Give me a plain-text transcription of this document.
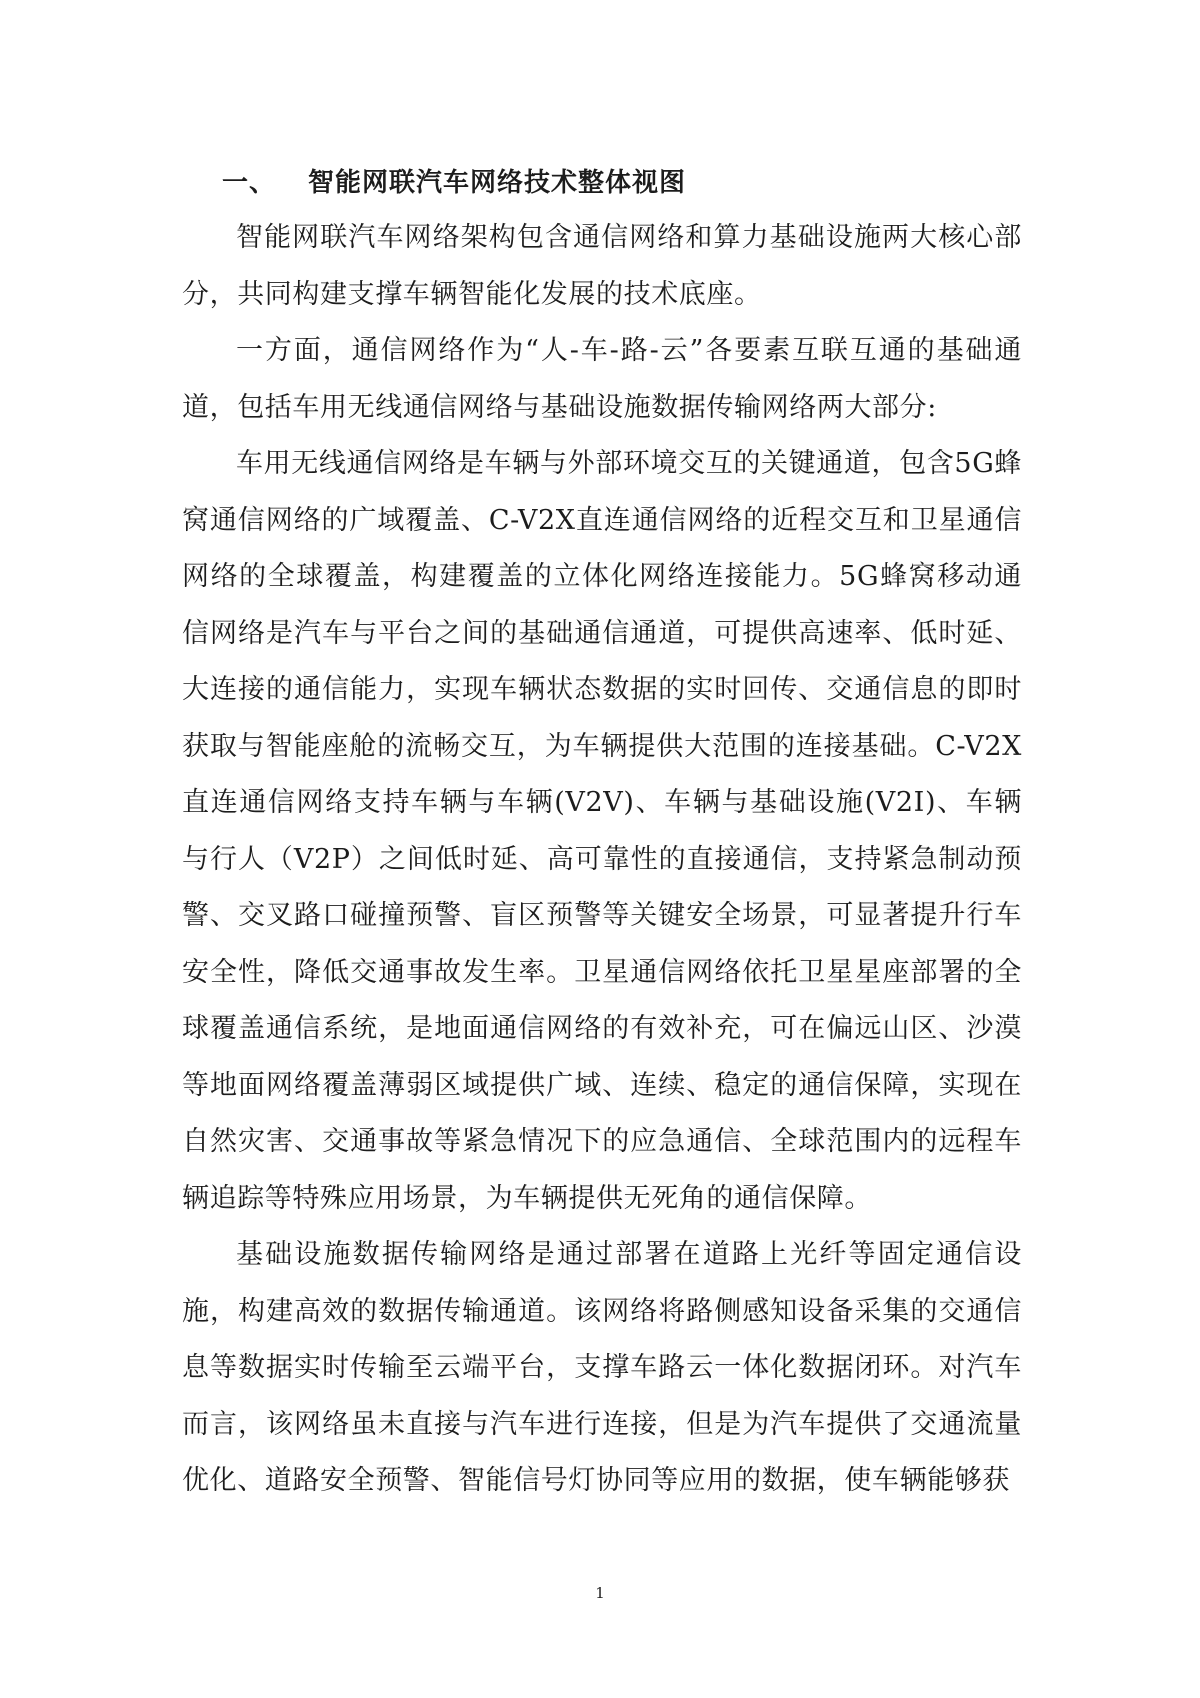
一、 智能网联汽车网络技术整体视图

智能网联汽车网络架构包含通信网络和算力基础设施两大核心部分，共同构建支撑车辆智能化发展的技术底座。

一方面，通信网络作为“人-车-路-云”各要素互联互通的基础通道，包括车用无线通信网络与基础设施数据传输网络两大部分:

车用无线通信网络是车辆与外部环境交互的关键通道，包含5G蜂窝通信网络的广域覆盖、C-V2X直连通信网络的近程交互和卫星通信网络的全球覆盖，构建覆盖的立体化网络连接能力。5G蜂窝移动通信网络是汽车与平台之间的基础通信通道，可提供高速率、低时延、大连接的通信能力，实现车辆状态数据的实时回传、交通信息的即时获取与智能座舱的流畅交互，为车辆提供大范围的连接基础。C-V2X直连通信网络支持车辆与车辆(V2V)、车辆与基础设施(V2I)、车辆与行人（V2P）之间低时延、高可靠性的直接通信，支持紧急制动预警、交叉路口碰撞预警、盲区预警等关键安全场景，可显著提升行车安全性，降低交通事故发生率。卫星通信网络依托卫星星座部署的全球覆盖通信系统，是地面通信网络的有效补充，可在偏远山区、沙漠等地面网络覆盖薄弱区域提供广域、连续、稳定的通信保障，实现在自然灾害、交通事故等紧急情况下的应急通信、全球范围内的远程车辆追踪等特殊应用场景，为车辆提供无死角的通信保障。

基础设施数据传输网络是通过部署在道路上光纤等固定通信设施，构建高效的数据传输通道。该网络将路侧感知设备采集的交通信息等数据实时传输至云端平台，支撑车路云一体化数据闭环。对汽车而言，该网络虽未直接与汽车进行连接，但是为汽车提供了交通流量优化、道路安全预警、智能信号灯协同等应用的数据，使车辆能够获

1
